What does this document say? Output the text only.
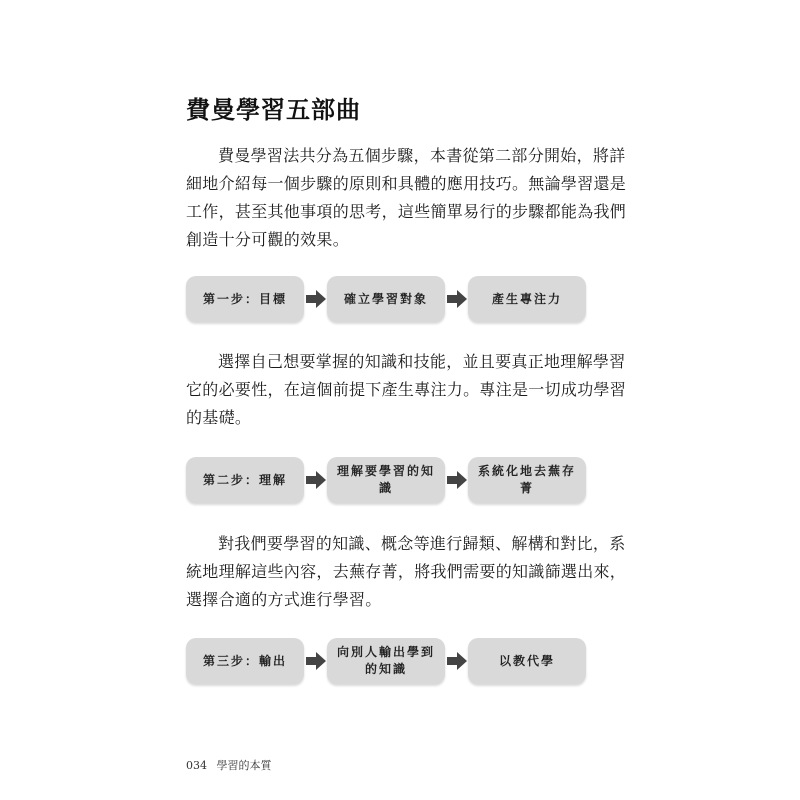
費曼學習五部曲

費曼學習法共分為五個步驟，本書從第二部分開始，將詳
細地介紹每一個步驟的原則和具體的應用技巧。無論學習還是
工作，甚至其他事項的思考，這些簡單易行的步驟都能為我們
創造十分可觀的效果。

第一步：目標	確立學習對象	產生專注力

選擇自己想要掌握的知識和技能，並且要真正地理解學習
它的必要性，在這個前提下產生專注力。專注是一切成功學習
的基礎。

第二步：理解
理解要學習的知識
系統化地去蕪存菁

對我們要學習的知識、概念等進行歸類、解構和對比，系
統地理解這些內容，去蕪存菁，將我們需要的知識篩選出來，
選擇合適的方式進行學習。

第三步：輸出
向別人輸出學到的知識
以教代學
034 學習的本質
